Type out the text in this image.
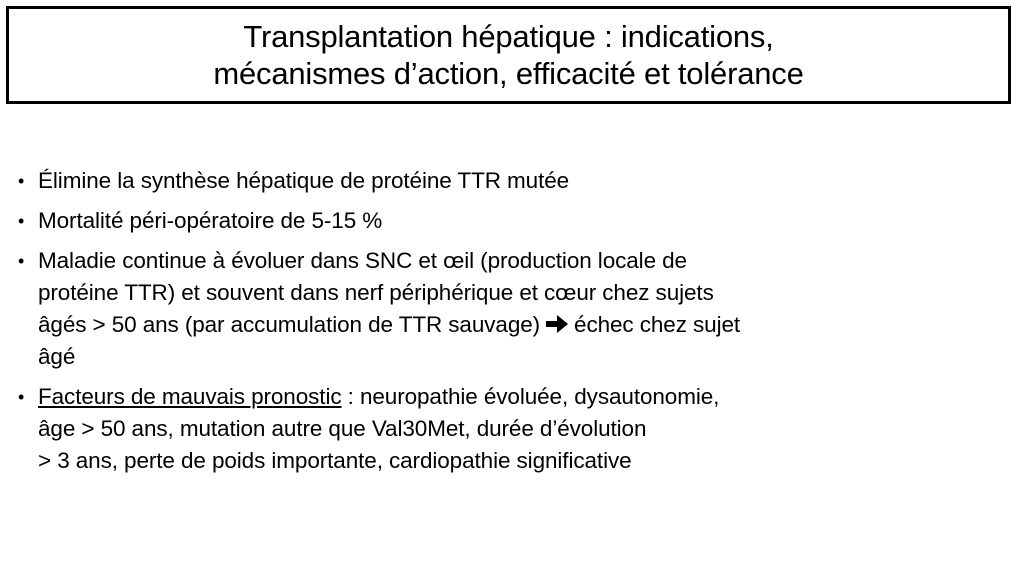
Transplantation hépatique : indications,
mécanismes d’action, efficacité et tolérance
• Élimine la synthèse hépatique de protéine TTR mutée
• Mortalité péri-opératoire de 5-15 %
• Maladie continue à évoluer dans SNC et œil (production locale de
protéine TTR) et souvent dans nerf périphérique et cœur chez sujets
âgés > 50 ans (par accumulation de TTR sauvage) échec chez sujet
âgé
• Facteurs de mauvais pronostic : neuropathie évoluée, dysautonomie,
âge > 50 ans, mutation autre que Val30Met, durée d’évolution
> 3 ans, perte de poids importante, cardiopathie significative
